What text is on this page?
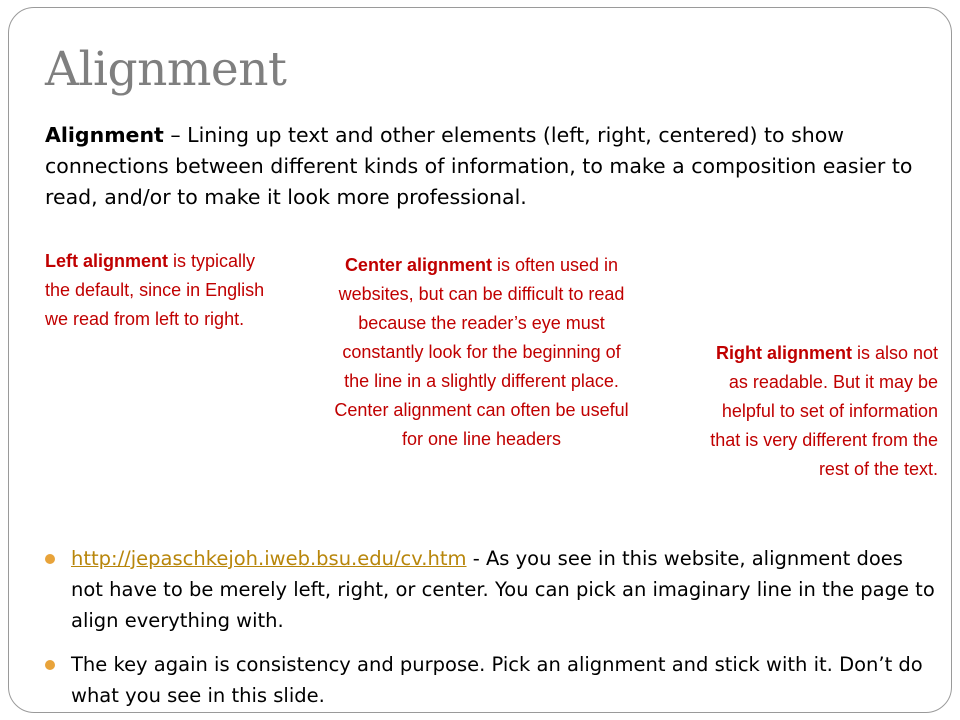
Alignment
Alignment – Lining up text and other elements (left, right, centered) to show connections between different kinds of information, to make a composition easier to read, and/or to make it look more professional.
Left alignment is typically the default, since in English we read from left to right.
Center alignment is often used in websites, but can be difficult to read because the reader’s eye must constantly look for the beginning of the line in a slightly different place. Center alignment can often be useful for one line headers
Right alignment is also not as readable. But it may be helpful to set of information that is very different from the rest of the text.
http://jepaschkejoh.iweb.bsu.edu/cv.htm - As you see in this website, alignment does not have to be merely left, right, or center. You can pick an imaginary line in the page to align everything with.
The key again is consistency and purpose. Pick an alignment and stick with it. Don’t do what you see in this slide.
